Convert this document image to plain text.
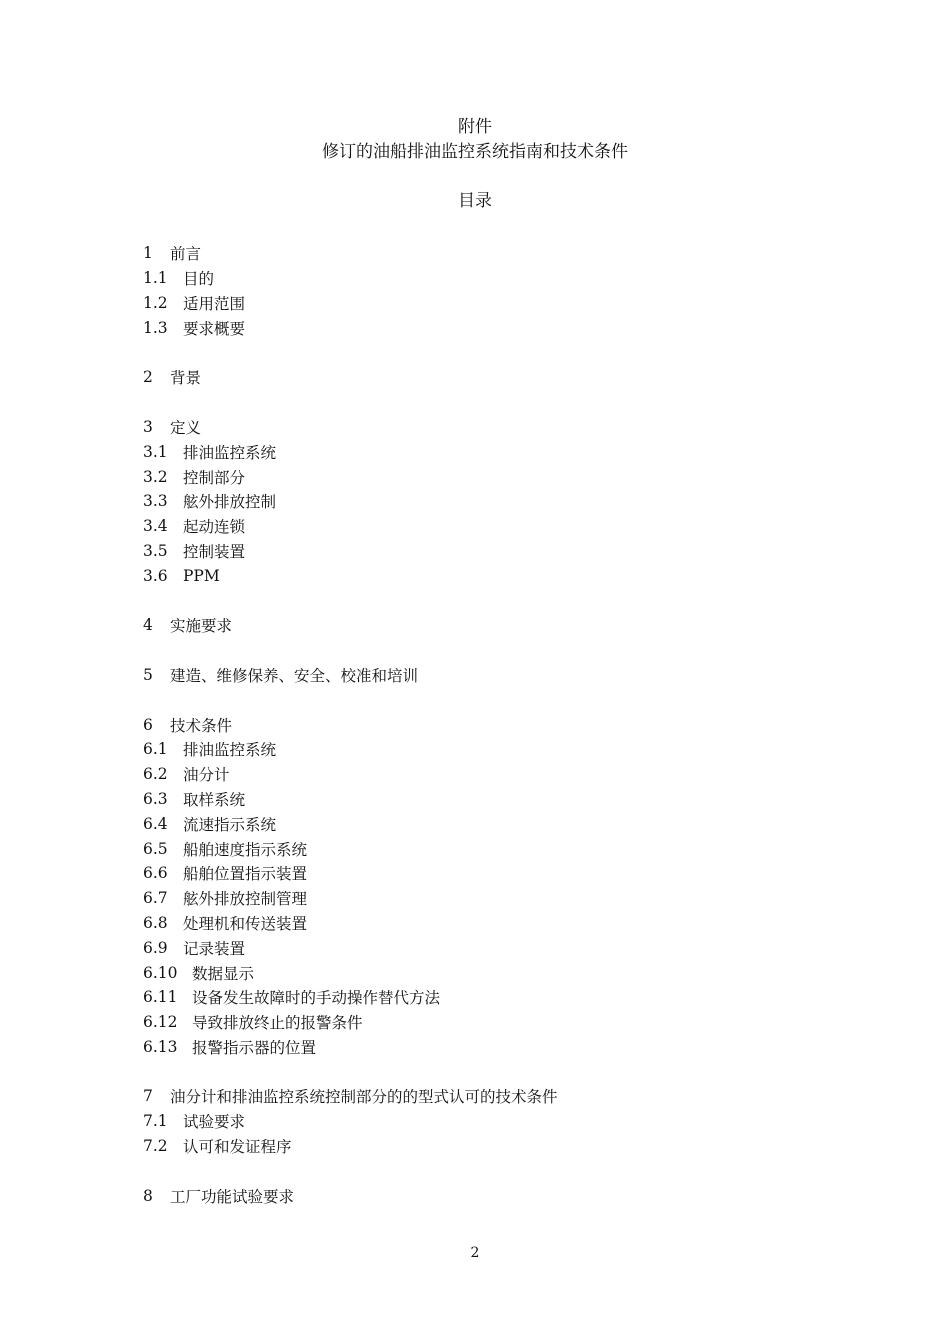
附件
修订的油船排油监控系统指南和技术条件
目录
1	前言
1.1 目的
1.2 适用范围
1.3 要求概要
2	背景
3	定义
3.1 排油监控系统
3.2 控制部分
3.3 舷外排放控制
3.4 起动连锁
3.5 控制装置
3.6 PPM
4	实施要求
5	建造、维修保养、安全、校准和培训
6	技术条件
6.1 排油监控系统
6.2 油分计
6.3 取样系统
6.4 流速指示系统
6.5 船舶速度指示系统
6.6 船舶位置指示装置
6.7 舷外排放控制管理
6.8 处理机和传送装置
6.9 记录装置
6.10 数据显示
6.11 设备发生故障时的手动操作替代方法
6.12 导致排放终止的报警条件
6.13 报警指示器的位置
7	油分计和排油监控系统控制部分的的型式认可的技术条件
7.1 试验要求
7.2 认可和发证程序
8	工厂功能试验要求
2
